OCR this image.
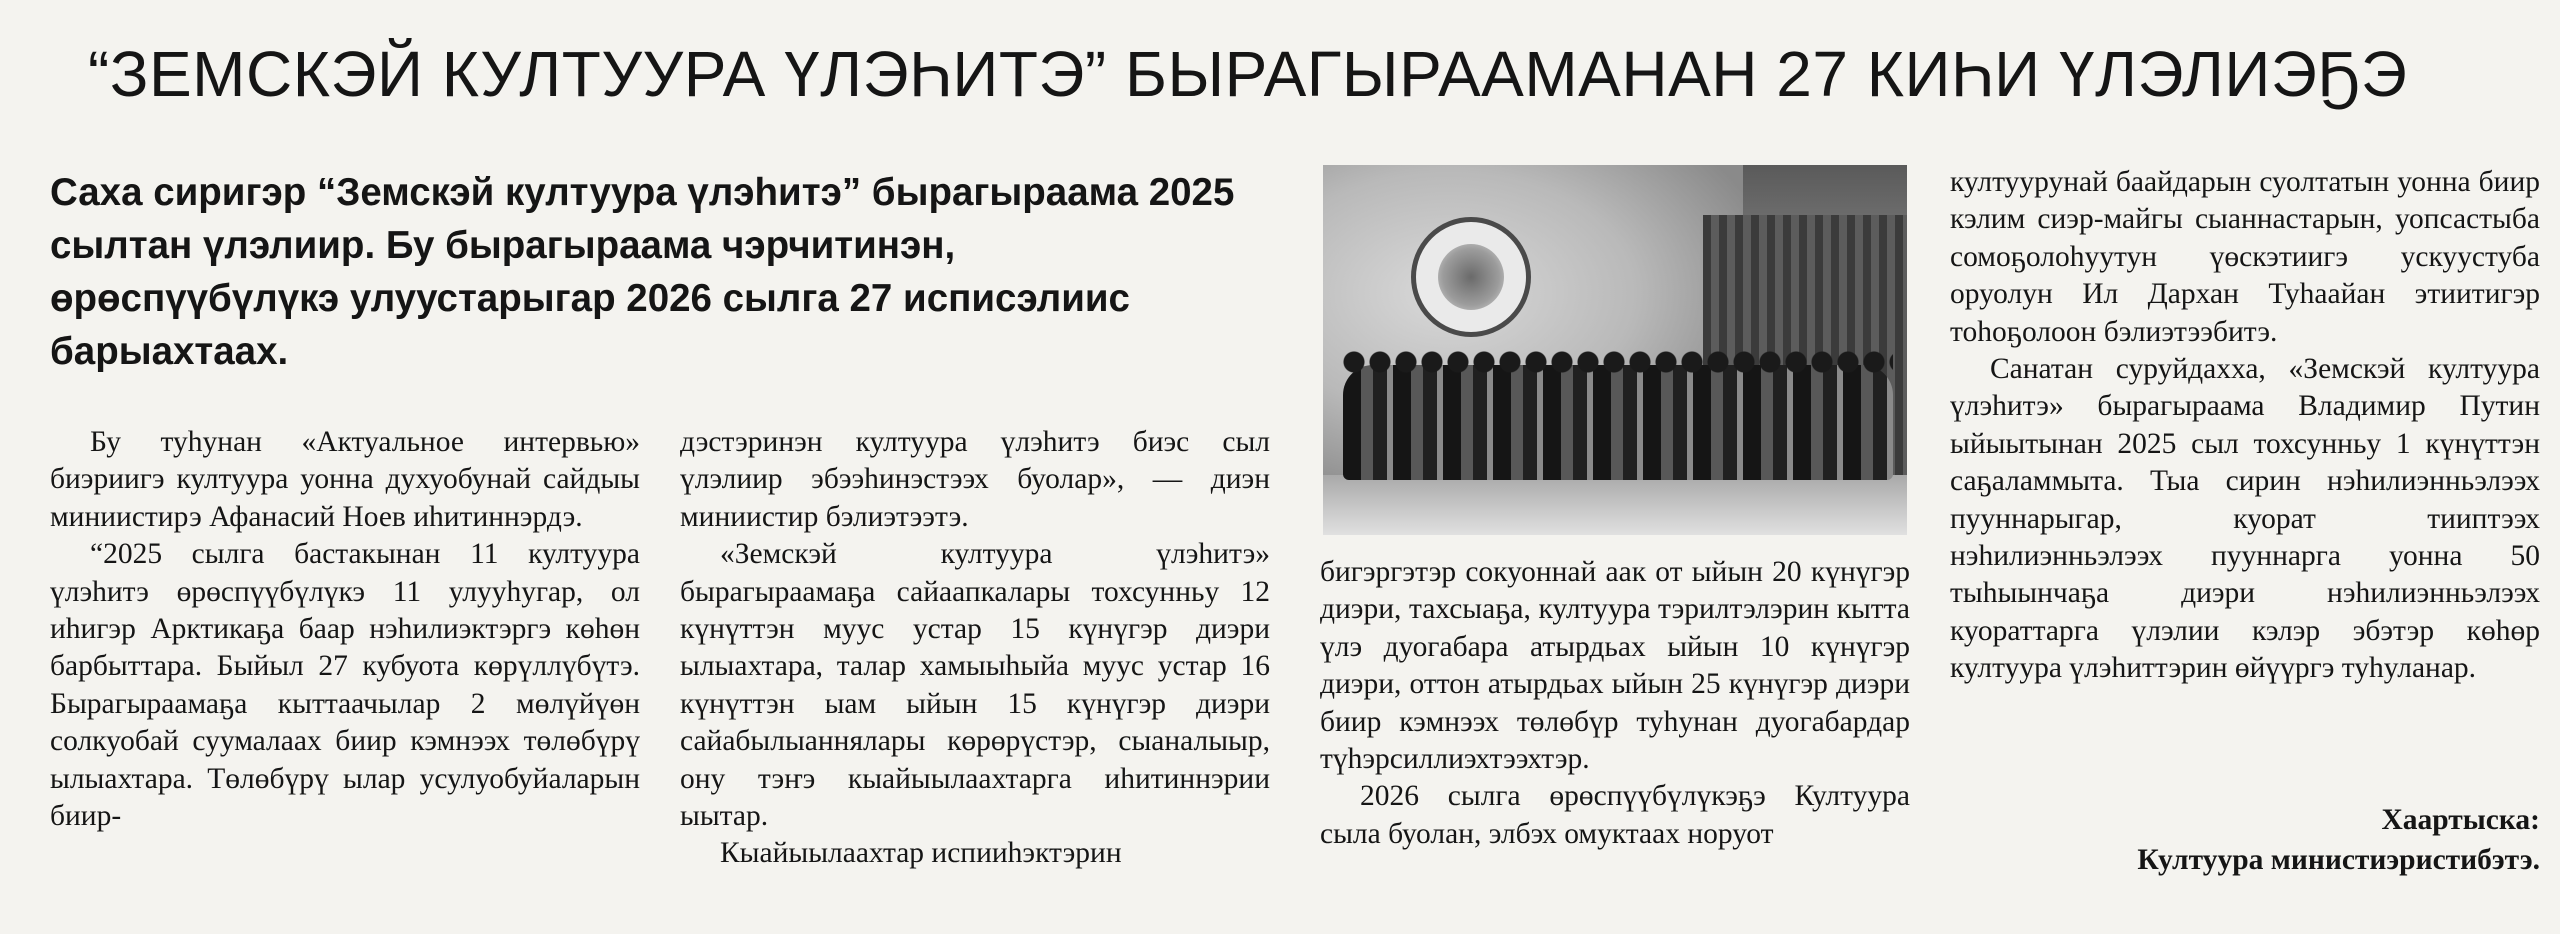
“ЗЕМСКЭЙ КУЛТУУРА ҮЛЭҺИТЭ” БЫРАГЫРААМАНАН 27 КИҺИ ҮЛЭЛИЭҔЭ
Саха сиригэр “Земскэй култуура үлэһитэ” бырагыраама 2025 сылтан үлэлиир. Бу бырагыраама чэрчитинэн, өрөспүүбүлүкэ улуустарыгар 2026 сылга 27 исписэлиис барыахтаах.

Бу туһунан «Актуальное интервью» биэриигэ култуура уонна духуобунай сайдыы миниистирэ Афанасий Ноев иһитиннэрдэ.

“2025 сылга бастакынан 11 култуура үлэһитэ өрөспүүбүлүкэ 11 улууһугар, ол иһигэр Арктикаҕа баар нэһилиэктэргэ көһөн барбыттара. Быйыл 27 кубуота көрүллүбүтэ. Бырагыраамаҕа кыттаачылар 2 мөлүйүөн солкуобай суумалаах биир кэмнээх төлөбүрү ылыахтара. Төлөбүрү ылар усулуобуйаларын биир-

дэстэринэн култуура үлэһитэ биэс сыл үлэлиир эбээһинэстээх буолар», — диэн миниистир бэлиэтээтэ.

«Земскэй култуура үлэһитэ» бырагыраамаҕа сайаапкалары тохсунньу 12 күнүттэн муус устар 15 күнүгэр диэри ылыахтара, талар хамыыһыйа муус устар 16 күнүттэн ыам ыйын 15 күнүгэр диэри сайабылыаннялары көрөрүстэр, сыаналыыр, ону тэҥэ кыайыылаахтарга иһитиннэрии ыытар.

Кыайыылаахтар испииһэктэрин

бигэргэтэр сокуоннай аак от ыйын 20 күнүгэр диэри, тахсыаҕа, култуура тэрилтэлэрин кытта үлэ дуогабара атырдьах ыйын 10 күнүгэр диэри, оттон атырдьах ыйын 25 күнүгэр диэри биир кэмнээх төлөбүр туһунан дуогабардар түһэрсиллиэхтээхтэр.

2026 сылга өрөспүүбүлүкэҕэ Култуура сыла буолан, элбэх омуктаах норуот

култуурунай баайдарын суолтатын уонна биир кэлим сиэр-майгы сыаннастарын, уопсастыба сомоҕолоһуутун үөскэтиигэ ускуустуба оруолун Ил Дархан Туһаайан этиитигэр тоһоҕолоон бэлиэтээбитэ.

Санатан суруйдахха, «Земскэй култуура үлэһитэ» бырагыраама Владимир Путин ыйыытынан 2025 сыл тохсунньу 1 күнүттэн саҕаламмыта. Тыа сирин нэһилиэнньэлээх пууннарыгар, куорат тииптээх нэһилиэнньэлээх пууннарга уонна 50 тыһыынчаҕа диэри нэһилиэнньэлээх куораттарга үлэлии кэлэр эбэтэр көһөр култуура үлэһиттэрин өйүүргэ туһуланар.

Хаартыска:
Култуура министиэристибэтэ.
